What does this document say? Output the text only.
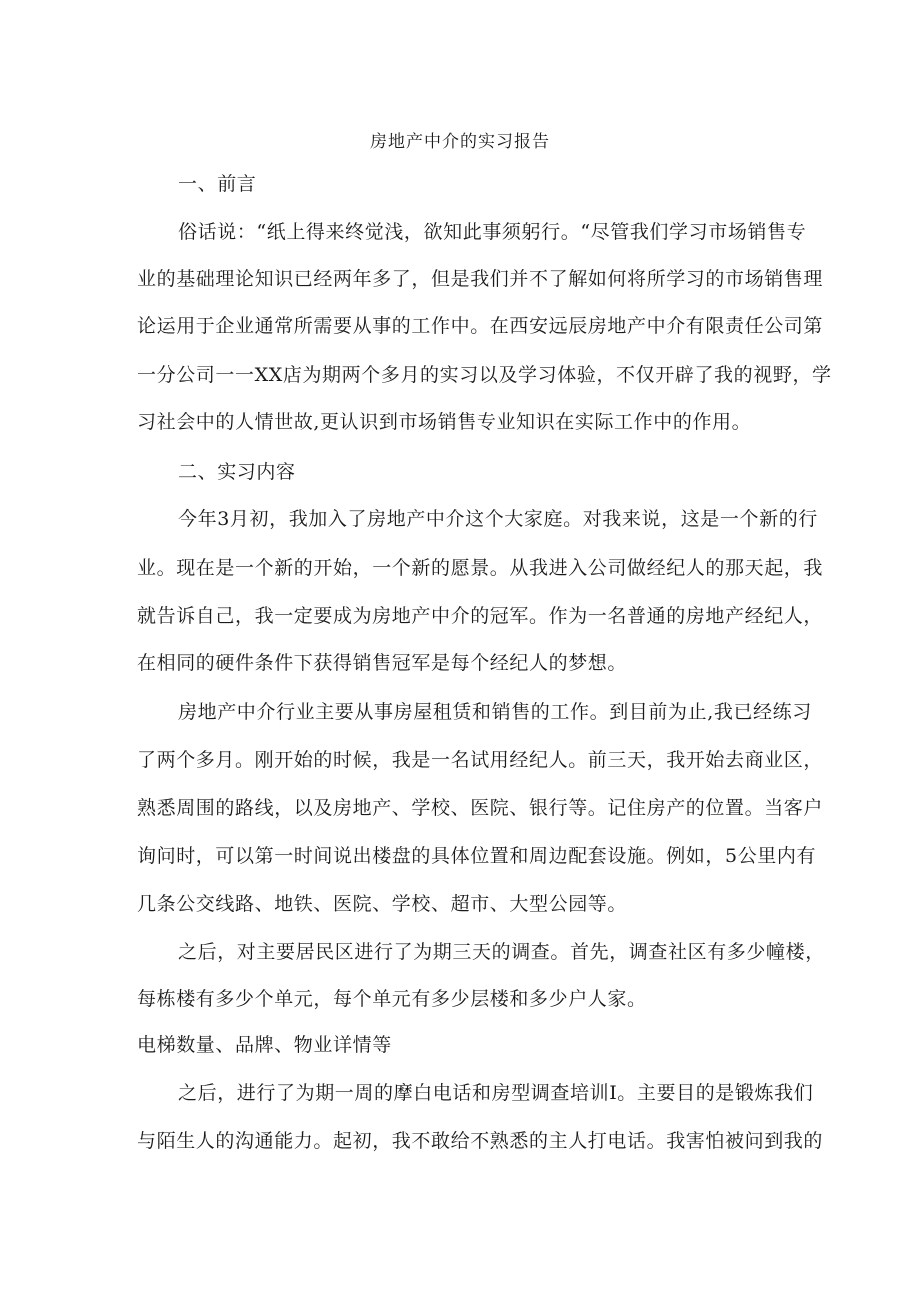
房地产中介的实习报告
一、前言
俗话说：“纸上得来终觉浅，欲知此事须躬行。“尽管我们学习市场销售专
业的基础理论知识已经两年多了，但是我们并不了解如何将所学习的市场销售理
论运用于企业通常所需要从事的工作中。在西安远辰房地产中介有限责任公司第
一分公司一一XX店为期两个多月的实习以及学习体验，不仅开辟了我的视野，学
习社会中的人情世故,更认识到市场销售专业知识在实际工作中的作用。
二、实习内容
今年3月初，我加入了房地产中介这个大家庭。对我来说，这是一个新的行
业。现在是一个新的开始，一个新的愿景。从我进入公司做经纪人的那天起，我
就告诉自己，我一定要成为房地产中介的冠军。作为一名普通的房地产经纪人，
在相同的硬件条件下获得销售冠军是每个经纪人的梦想。
房地产中介行业主要从事房屋租赁和销售的工作。到目前为止,我已经练习
了两个多月。刚开始的时候，我是一名试用经纪人。前三天，我开始去商业区，
熟悉周围的路线，以及房地产、学校、医院、银行等。记住房产的位置。当客户
询问时，可以第一时间说出楼盘的具体位置和周边配套设施。例如，5公里内有
几条公交线路、地铁、医院、学校、超市、大型公园等。
之后，对主要居民区进行了为期三天的调查。首先，调查社区有多少幢楼，
每栋楼有多少个单元，每个单元有多少层楼和多少户人家。
电梯数量、品牌、物业详情等
之后，进行了为期一周的摩白电话和房型调查培训I。主要目的是锻炼我们
与陌生人的沟通能力。起初，我不敢给不熟悉的主人打电话。我害怕被问到我的
